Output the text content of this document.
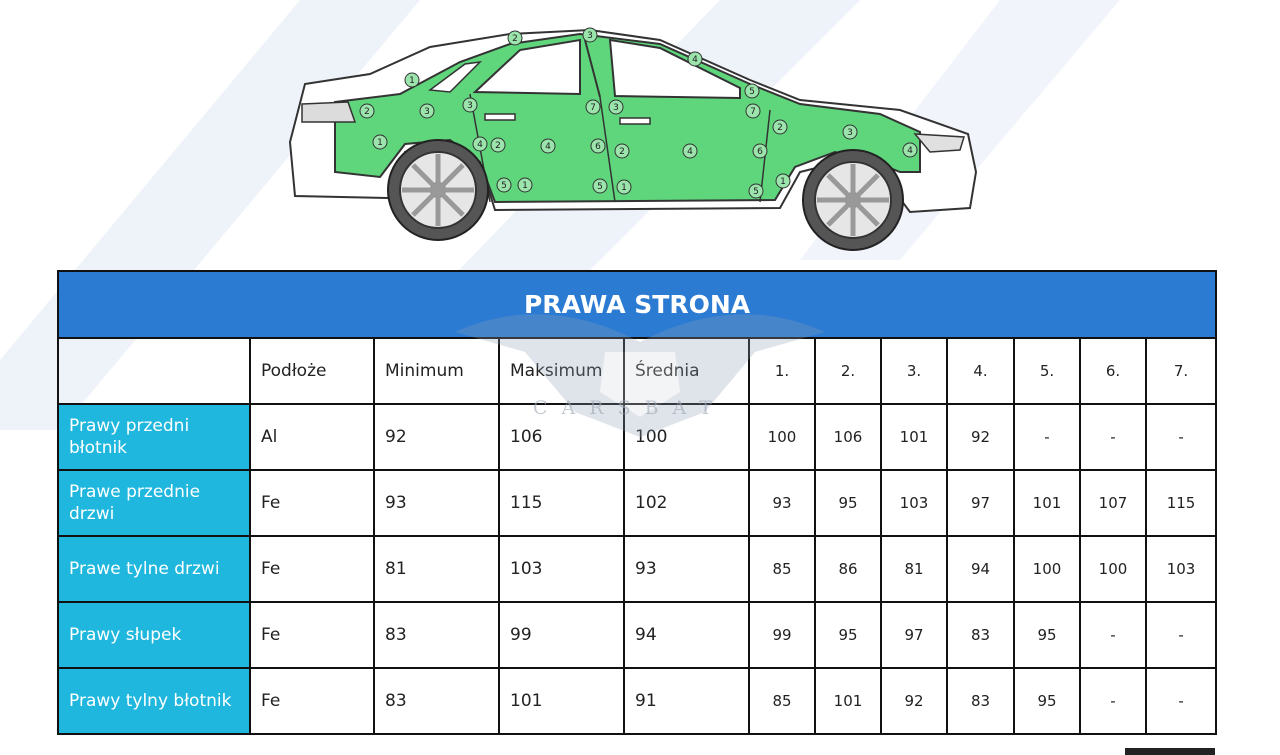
1
2	3
4
5
2	3
3	7 3	7
2	3
1	4 2	4	6 2	4	6	4
5 1	5 1	5
1
PRAWA STRONA											
	Podłoże	Minimum	Maksimum	Średnia	1.	2.	3.	4.	5.	6.	7.
Prawy przedni błotnik	Al	92	106	100	100	106	101	92	-	-	-
Prawe przednie drzwi	Fe	93	115	102	93	95	103	97	101	107	115
Prawe tylne drzwi	Fe	81	103	93	85	86	81	94	100	100	103
Prawy słupek	Fe	83	99	94	99	95	97	83	95	-	-
Prawy tylny błotnik	Fe	83	101	91	85	101	92	83	95	-	-
CARSBAT
